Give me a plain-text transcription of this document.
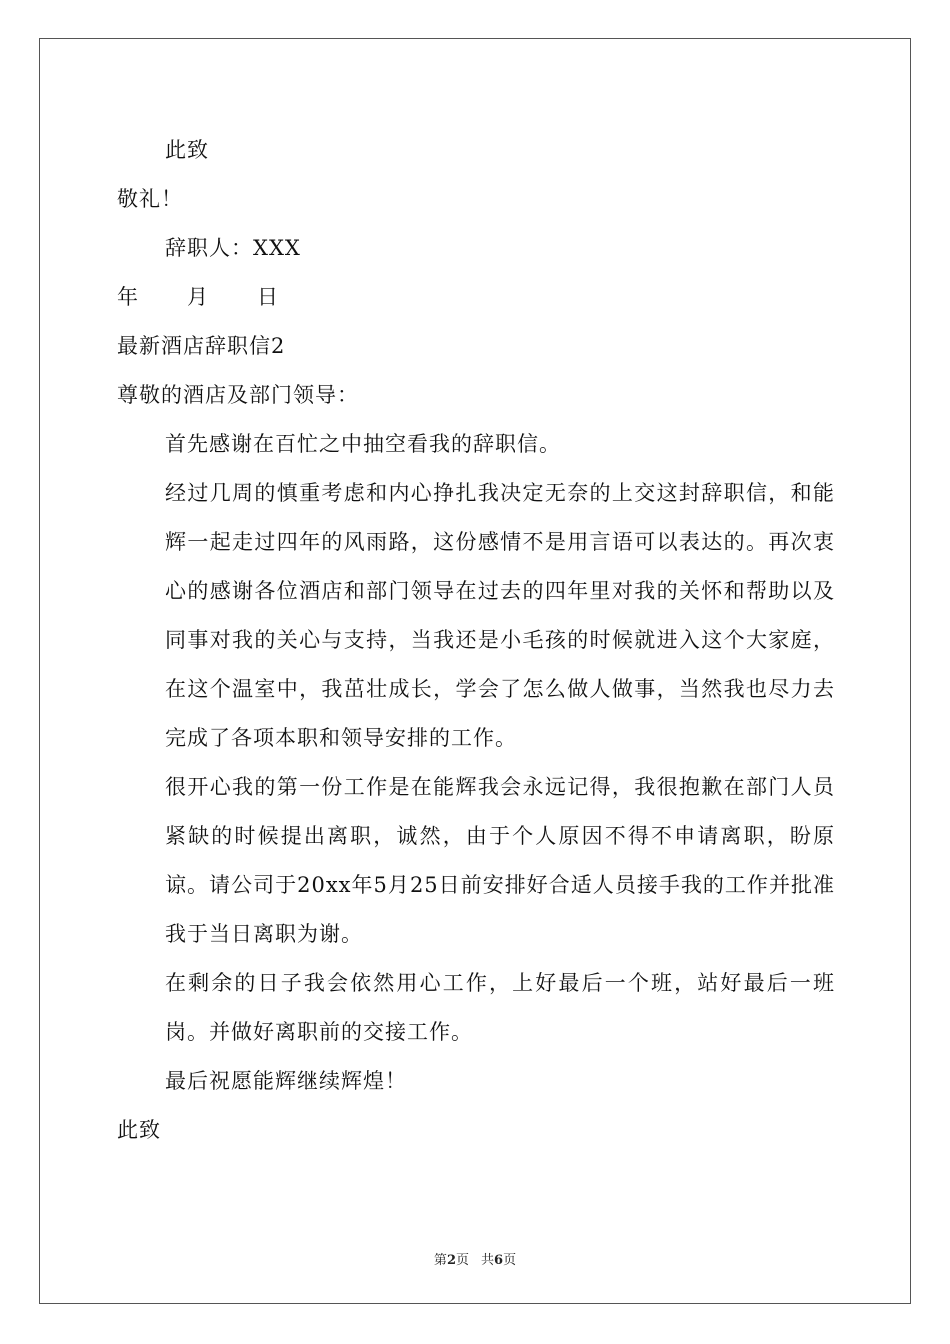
此致
敬礼！
辞职人：XXX
年 月 日
最新酒店辞职信2
尊敬的酒店及部门领导：
首先感谢在百忙之中抽空看我的辞职信。
经过几周的慎重考虑和内心挣扎我决定无奈的上交这封辞职信，和能辉一起走过四年的风雨路，这份感情不是用言语可以表达的。再次衷心的感谢各位酒店和部门领导在过去的四年里对我的关怀和帮助以及同事对我的关心与支持，当我还是小毛孩的时候就进入这个大家庭，在这个温室中，我茁壮成长，学会了怎么做人做事，当然我也尽力去完成了各项本职和领导安排的工作。
很开心我的第一份工作是在能辉我会永远记得，我很抱歉在部门人员紧缺的时候提出离职，诚然，由于个人原因不得不申请离职，盼原谅。请公司于20xx年5月25日前安排好合适人员接手我的工作并批准我于当日离职为谢。
在剩余的日子我会依然用心工作，上好最后一个班，站好最后一班岗。并做好离职前的交接工作。
最后祝愿能辉继续辉煌！
此致
第2页 共6页
